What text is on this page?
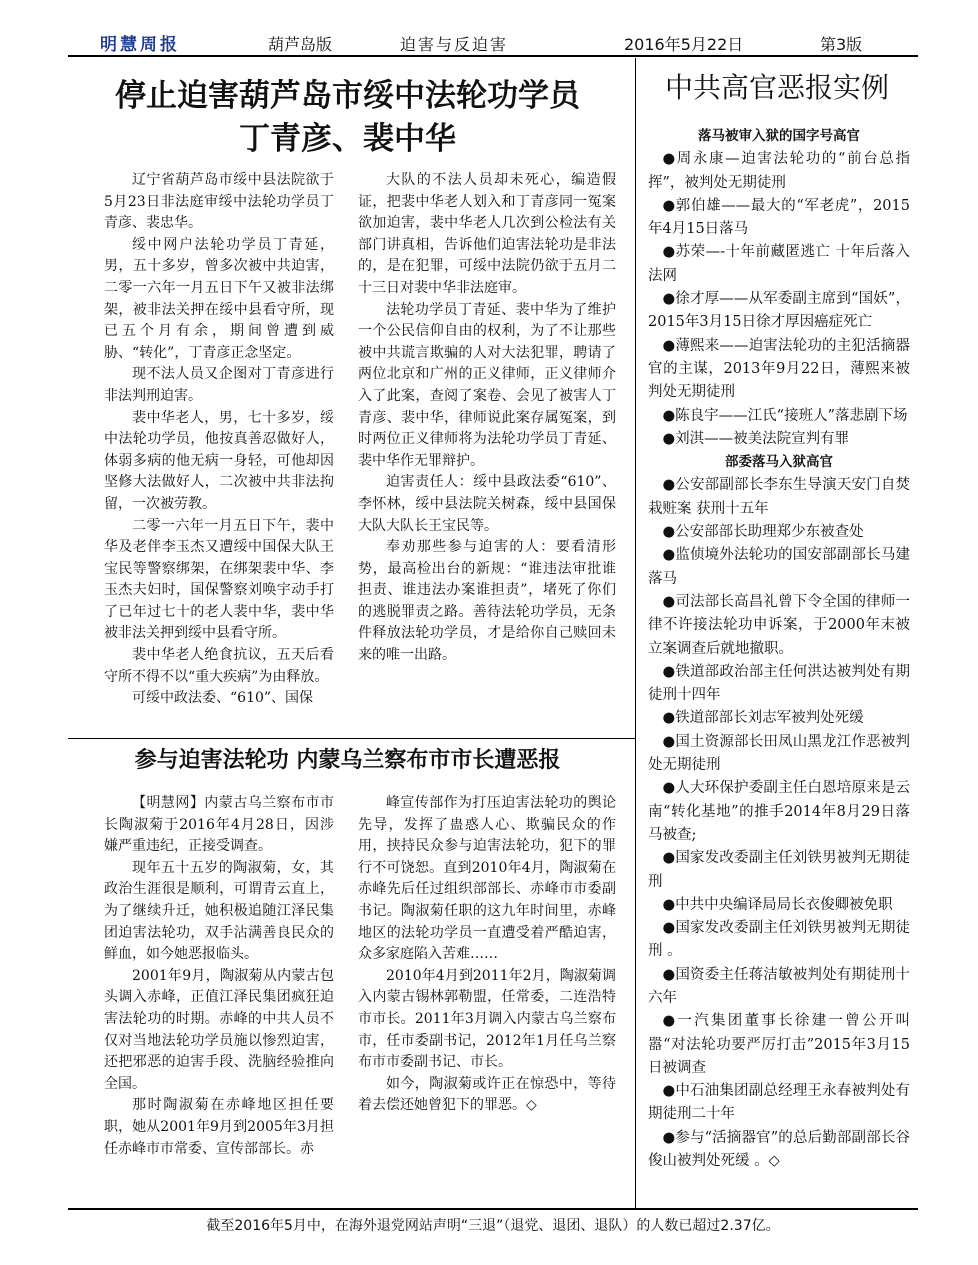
明慧周报	葫芦岛版	迫害与反迫害	2016年5月22日	第3版
停止迫害葫芦岛市绥中法轮功学员
丁青彦、裴中华

辽宁省葫芦岛市绥中县法院欲于5月23日非法庭审绥中法轮功学员丁青彦、裴忠华。

绥中网户法轮功学员丁青延，男，五十多岁，曾多次被中共迫害，二零一六年一月五日下午又被非法绑架，被非法关押在绥中县看守所，现已五个月有余，期间曾遭到威胁、“转化”，丁青彦正念坚定。

现不法人员又企图对丁青彦进行非法判刑迫害。

裴中华老人，男，七十多岁，绥中法轮功学员，他按真善忍做好人，体弱多病的他无病一身轻，可他却因坚修大法做好人，二次被中共非法拘留，一次被劳教。

二零一六年一月五日下午，裴中华及老伴李玉杰又遭绥中国保大队王宝民等警察绑架，在绑架裴中华、李玉杰夫妇时，国保警察刘唤宇动手打了已年过七十的老人裴中华，裴中华被非法关押到绥中县看守所。

裴中华老人绝食抗议，五天后看守所不得不以“重大疾病”为由释放。

可绥中政法委、“610”、国保

大队的不法人员却未死心，编造假证，把裴中华老人划入和丁青彦同一冤案欲加迫害，裴中华老人几次到公检法有关部门讲真相，告诉他们迫害法轮功是非法的，是在犯罪，可绥中法院仍欲于五月二十三日对裴中华非法庭审。

法轮功学员丁青延、裴中华为了维护一个公民信仰自由的权利，为了不让那些被中共谎言欺骗的人对大法犯罪，聘请了两位北京和广州的正义律师，正义律师介入了此案，查阅了案卷、会见了被害人丁青彦、裴中华，律师说此案存属冤案，到时两位正义律师将为法轮功学员丁青延、裴中华作无罪辩护。

迫害责任人：绥中县政法委“610”、李怀林，绥中县法院关树森，绥中县国保大队大队长王宝民等。

奉劝那些参与迫害的人：要看清形势，最高检出台的新规：“谁违法审批谁担责、谁违法办案谁担责”，堵死了你们的逃脱罪责之路。善待法轮功学员，无条件释放法轮功学员，才是给你自己赎回未来的唯一出路。

参与迫害法轮功 内蒙乌兰察布市市长遭恶报

【明慧网】内蒙古乌兰察布市市长陶淑菊于2016年4月28日，因涉嫌严重违纪，正接受调查。

现年五十五岁的陶淑菊，女，其政治生涯很是顺利，可谓青云直上，为了继续升迁，她积极追随江泽民集团迫害法轮功，双手沾满善良民众的鲜血，如今她恶报临头。

2001年9月，陶淑菊从内蒙古包头调入赤峰，正值江泽民集团疯狂迫害法轮功的时期。赤峰的中共人员不仅对当地法轮功学员施以惨烈迫害，还把邪恶的迫害手段、洗脑经验推向全国。

那时陶淑菊在赤峰地区担任要职，她从2001年9月到2005年3月担任赤峰市市常委、宣传部部长。赤

峰宣传部作为打压迫害法轮功的舆论先导，发挥了蛊惑人心、欺骗民众的作用，挟持民众参与迫害法轮功，犯下的罪行不可饶恕。直到2010年4月，陶淑菊在赤峰先后任过组织部部长、赤峰市市委副书记。陶淑菊任职的这九年时间里，赤峰地区的法轮功学员一直遭受着严酷迫害，众多家庭陷入苦难……

2010年4月到2011年2月，陶淑菊调入内蒙古锡林郭勒盟，任常委，二连浩特市市长。2011年3月调入内蒙古乌兰察布市，任市委副书记，2012年1月任乌兰察布市市委副书记、市长。

如今，陶淑菊或许正在惊恐中，等待着去偿还她曾犯下的罪恶。◇

中共高官恶报实例
落马被审入狱的国字号高官
●周永康—迫害法轮功的“前台总指挥”，被判处无期徒刑
●郭伯雄——最大的“军老虎”，2015年4月15日落马
●苏荣—-十年前藏匿逃亡 十年后落入法网
●徐才厚——从军委副主席到“国妖”，2015年3月15日徐才厚因癌症死亡
●薄熙来——迫害法轮功的主犯活摘器官的主谋，2013年9月22日，薄熙来被 判处无期徒刑
●陈良宇——江氏“接班人”落悲剧下场
●刘淇——被美法院宣判有罪
部委落马入狱高官
●公安部副部长李东生导演天安门自焚栽赃案 获刑十五年
●公安部部长助理郑少东被查处
●监侦境外法轮功的国安部副部长马建落马
●司法部长高昌礼曾下令全国的律师一律不许接法轮功申诉案，于2000年末被 立案调查后就地撤职。
●铁道部政治部主任何洪达被判处有期徒刑十四年
●铁道部部长刘志军被判处死缓
●国土资源部长田凤山黑龙江作恶被判处无期徒刑
●人大环保护委副主任白恩培原来是云南“转化基地”的推手2014年8月29日落马被查;
●国家发改委副主任刘铁男被判无期徒刑
●中共中央编译局局长衣俊卿被免职
●国家发改委副主任刘铁男被判无期徒刑 。
●国资委主任蒋洁敏被判处有期徒刑十六年
●一汽集团董事长徐建一曾公开叫嚣“对法轮功要严厉打击”2015年3月15日被调查
●中石油集团副总经理王永春被判处有期徒刑二十年
●参与“活摘器官”的总后勤部副部长谷俊山被判处死缓 。◇
截至2016年5月中，在海外退党网站声明“三退”（退党、退团、退队）的人数已超过2.37亿。
